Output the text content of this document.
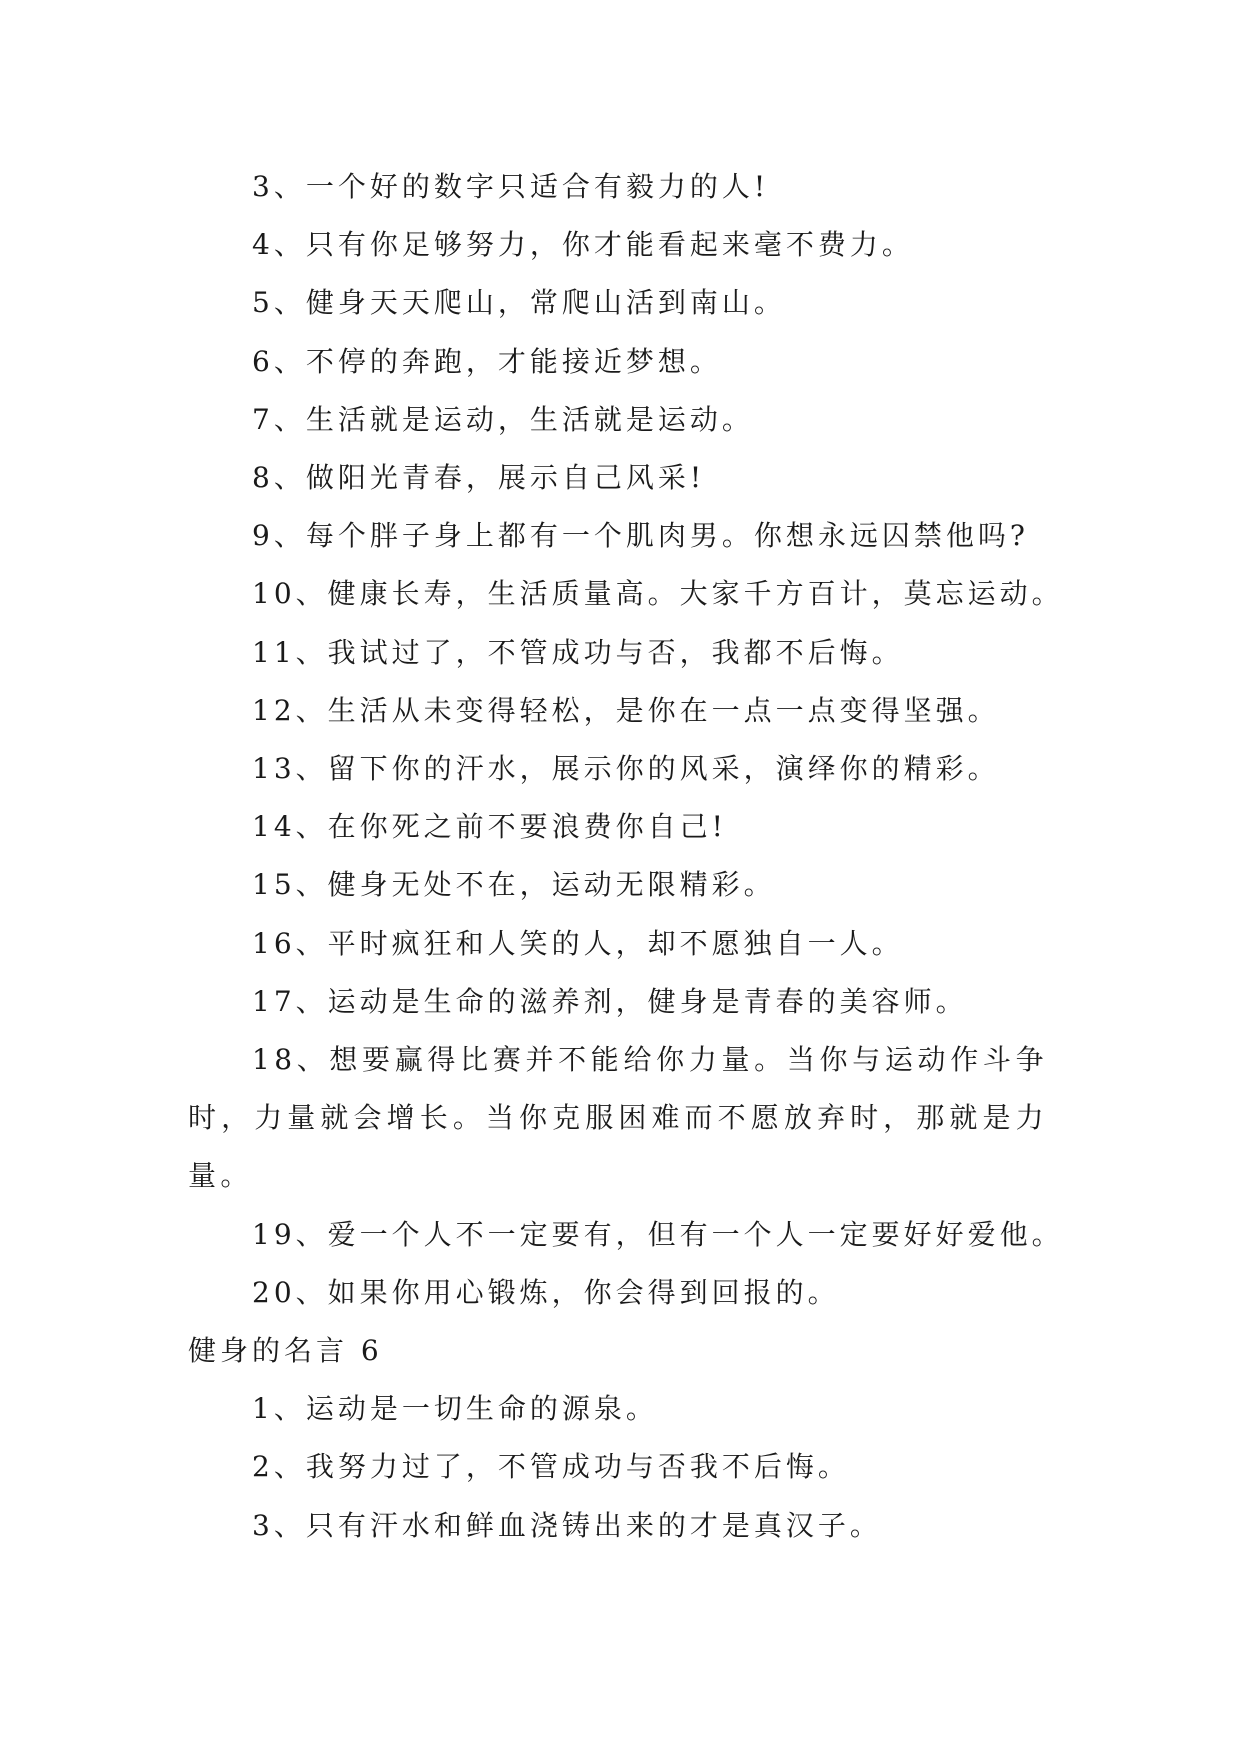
3、一个好的数字只适合有毅力的人!
4、只有你足够努力，你才能看起来毫不费力。
5、健身天天爬山，常爬山活到南山。
6、不停的奔跑，才能接近梦想。
7、生活就是运动，生活就是运动。
8、做阳光青春，展示自己风采!
9、每个胖子身上都有一个肌肉男。你想永远囚禁他吗?
10、健康长寿，生活质量高。大家千方百计，莫忘运动。
11、我试过了，不管成功与否，我都不后悔。
12、生活从未变得轻松，是你在一点一点变得坚强。
13、留下你的汗水，展示你的风采，演绎你的精彩。
14、在你死之前不要浪费你自己!
15、健身无处不在，运动无限精彩。
16、平时疯狂和人笑的人，却不愿独自一人。
17、运动是生命的滋养剂，健身是青春的美容师。
18、想要赢得比赛并不能给你力量。当你与运动作斗争时，力量就会增长。当你克服困难而不愿放弃时，那就是力量。
19、爱一个人不一定要有，但有一个人一定要好好爱他。
20、如果你用心锻炼，你会得到回报的。
健身的名言 6
1、运动是一切生命的源泉。
2、我努力过了，不管成功与否我不后悔。
3、只有汗水和鲜血浇铸出来的才是真汉子。
